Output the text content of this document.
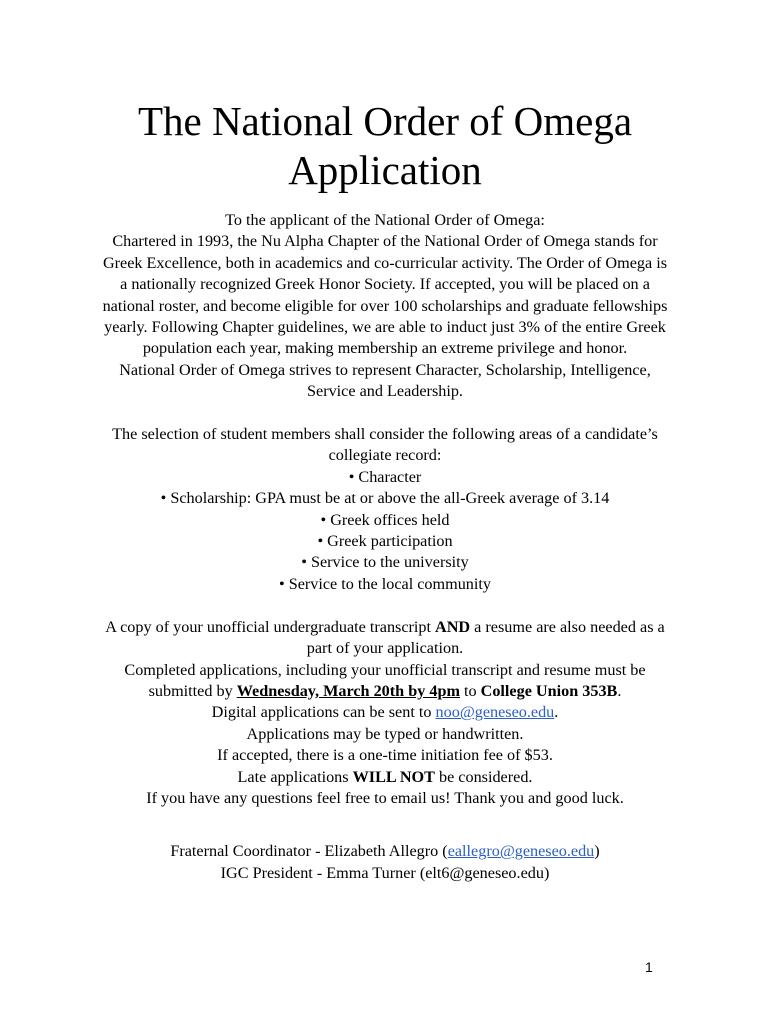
The National Order of Omega
Application

To the applicant of the National Order of Omega:

Chartered in 1993, the Nu Alpha Chapter of the National Order of Omega stands for Greek Excellence, both in academics and co-curricular activity. The Order of Omega is a nationally recognized Greek Honor Society. If accepted, you will be placed on a national roster, and become eligible for over 100 scholarships and graduate fellowships yearly. Following Chapter guidelines, we are able to induct just 3% of the entire Greek population each year, making membership an extreme privilege and honor.

National Order of Omega strives to represent Character, Scholarship, Intelligence, Service and Leadership.

The selection of student members shall consider the following areas of a candidate’s collegiate record:

• Character

• Scholarship: GPA must be at or above the all-Greek average of 3.14

• Greek offices held

• Greek participation

• Service to the university

• Service to the local community

A copy of your unofficial undergraduate transcript AND a resume are also needed as a part of your application.

Completed applications, including your unofficial transcript and resume must be submitted by Wednesday, March 20th by 4pm to College Union 353B.

Digital applications can be sent to noo@geneseo.edu.

Applications may be typed or handwritten.

If accepted, there is a one-time initiation fee of $53.

Late applications WILL NOT be considered.

If you have any questions feel free to email us! Thank you and good luck.

Fraternal Coordinator - Elizabeth Allegro (eallegro@geneseo.edu)

IGC President - Emma Turner (elt6@geneseo.edu)

1
